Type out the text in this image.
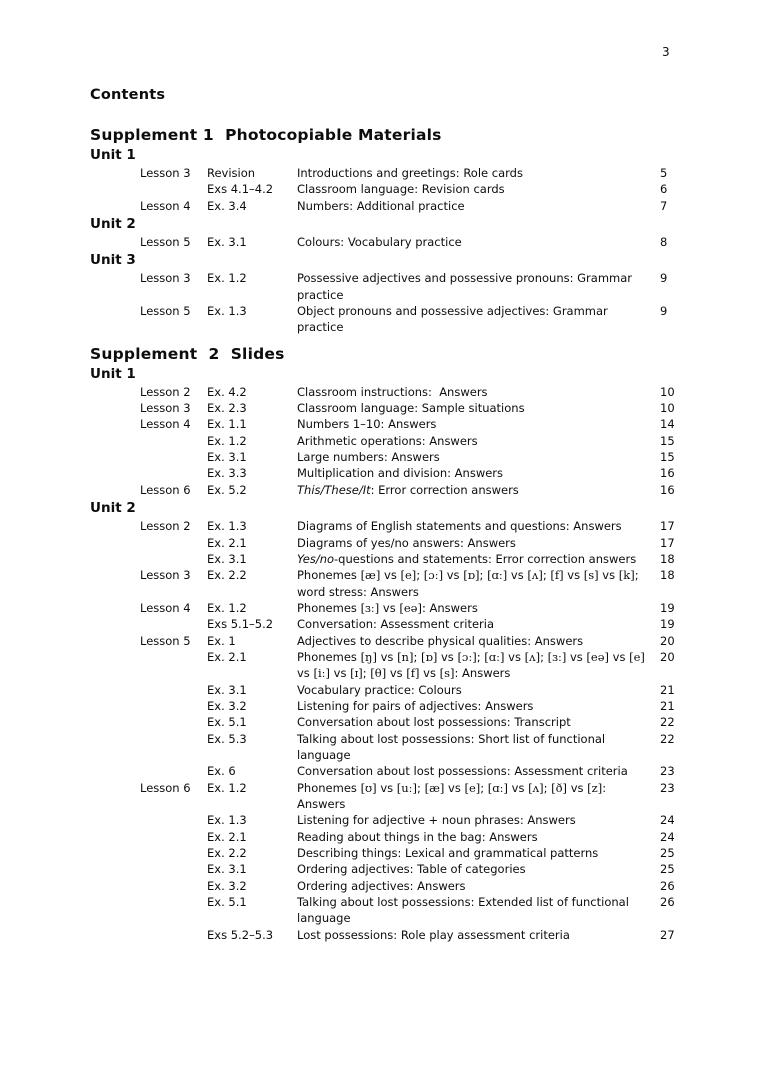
3
Contents
Supplement 1  Photocopiable Materials
Unit 1
Lesson 3	Revision	Introductions and greetings: Role cards	5
Exs 4.1–4.2	Classroom language: Revision cards	6
Lesson 4	Ex. 3.4	Numbers: Additional practice	7
Unit 2
Lesson 5	Ex. 3.1	Colours: Vocabulary practice	8
Unit 3
Lesson 3	Ex. 1.2	Possessive adjectives and possessive pronouns: Grammar practice
9
Lesson 5	Ex. 1.3	Object pronouns and possessive adjectives: Grammar practice
9
Supplement  2  Slides
Unit 1
Lesson 2	Ex. 4.2	Classroom instructions:  Answers	10
Lesson 3	Ex. 2.3	Classroom language: Sample situations	10
Lesson 4	Ex. 1.1	Numbers 1–10: Answers	14
Ex. 1.2	Arithmetic operations: Answers	15
Ex. 3.1	Large numbers: Answers	15
Ex. 3.3	Multiplication and division: Answers	16
Lesson 6	Ex. 5.2	This/These/It: Error correction answers	16
Unit 2
Lesson 2	Ex. 1.3	Diagrams of English statements and questions: Answers	17
Ex. 2.1	Diagrams of yes/no answers: Answers	17
Ex. 3.1	Yes/no-questions and statements: Error correction answers	18
Lesson 3	Ex. 2.2	Phonemes [æ] vs [e]; [ɔː] vs [ɒ]; [ɑː] vs [ʌ]; [f] vs [s] vs [k]; word stress: Answers
18
Lesson 4	Ex. 1.2	Phonemes [ɜː] vs [eə]: Answers	19
Exs 5.1–5.2	Conversation: Assessment criteria	19
Lesson 5	Ex. 1	Adjectives to describe physical qualities: Answers	20
Ex. 2.1	Phonemes [ŋ] vs [n]; [ɒ] vs [ɔː]; [ɑː] vs [ʌ]; [ɜː] vs [eə] vs [e] vs [iː] vs [ɪ]; [θ] vs [f] vs [s]: Answers
20
Ex. 3.1	Vocabulary practice: Colours	21
Ex. 3.2	Listening for pairs of adjectives: Answers	21
Ex. 5.1	Conversation about lost possessions: Transcript	22
Ex. 5.3	Talking about lost possessions: Short list of functional language
22
Ex. 6	Conversation about lost possessions: Assessment criteria	23
Lesson 6	Ex. 1.2	Phonemes [ʊ] vs [uː]; [æ] vs [e]; [ɑː] vs [ʌ]; [ð] vs [z]: Answers
23
Ex. 1.3	Listening for adjective + noun phrases: Answers	24
Ex. 2.1	Reading about things in the bag: Answers	24
Ex. 2.2	Describing things: Lexical and grammatical patterns	25
Ex. 3.1	Ordering adjectives: Table of categories	25
Ex. 3.2	Ordering adjectives: Answers	26
Ex. 5.1	Talking about lost possessions: Extended list of functional language
26
Exs 5.2–5.3	Lost possessions: Role play assessment criteria	27
